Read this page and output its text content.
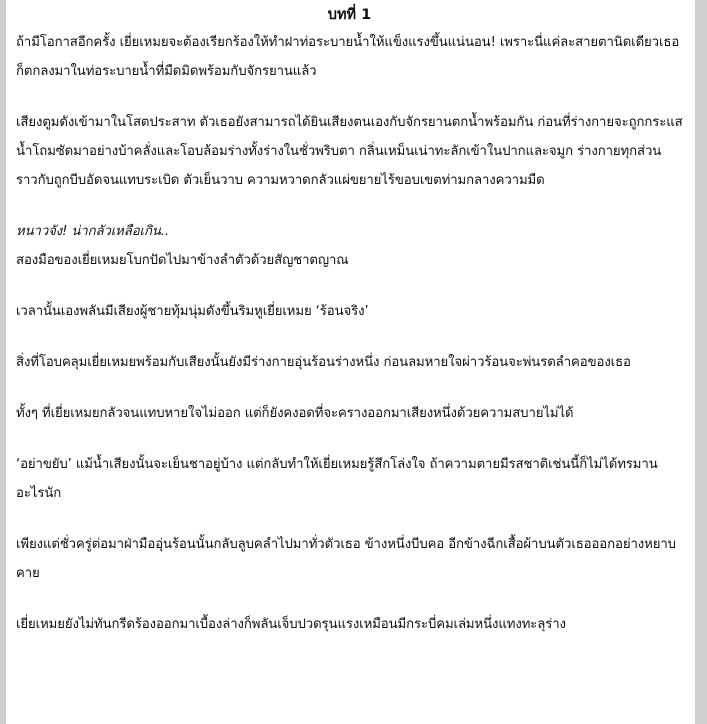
บทที่ 1

ถ้ามีโอกาสอีกครั้ง เยี่ยเหมยจะต้องเรียกร้องให้ทำฝาท่อระบายน้ำให้แข็งแรงขึ้นแน่นอน! เพราะนี่แค่ละสายตานิดเดียวเธอก็ตกลงมาในท่อระบายน้ำที่มืดมิดพร้อมกับจักรยานแล้ว

เสียงตูมดังเข้ามาในโสตประสาท ตัวเธอยังสามารถได้ยินเสียงตนเองกับจักรยานตกน้ำพร้อมกัน ก่อนที่ร่างกายจะถูกกระแสน้ำโถมซัดมาอย่างบ้าคลั่งและโอบล้อมร่างทั้งร่างในชั่วพริบตา กลิ่นเหม็นเน่าทะลักเข้าในปากและจมูก ร่างกายทุกส่วนราวกับถูกบีบอัดจนแทบระเบิด ตัวเย็นวาบ ความหวาดกลัวแผ่ขยายไร้ขอบเขตท่ามกลางความมืด

หนาวจัง! น่ากลัวเหลือเกิน..

สองมือของเยี่ยเหมยโบกปัดไปมาข้างลำตัวด้วยสัญชาตญาณ

เวลานั้นเองพลันมีเสียงผู้ชายทุ้มนุ่มดังขึ้นริมหูเยี่ยเหมย ‘ร้อนจริง’

สิ่งที่โอบคลุมเยี่ยเหมยพร้อมกับเสียงนั้นยังมีร่างกายอุ่นร้อนร่างหนึ่ง ก่อนลมหายใจผ่าวร้อนจะพ่นรดลำคอของเธอ

ทั้งๆ ที่เยี่ยเหมยกลัวจนแทบหายใจไม่ออก แต่ก็ยังคงอดที่จะครางออกมาเสียงหนึ่งด้วยความสบายไม่ได้

‘อย่าขยับ’ แม้น้ำเสียงนั้นจะเย็นชาอยู่บ้าง แต่กลับทำให้เยี่ยเหมยรู้สึกโล่งใจ ถ้าความตายมีรสชาติเช่นนี้ก็ไม่ได้ทรมานอะไรนัก

เพียงแต่ชั่วครู่ต่อมาฝ่ามืออุ่นร้อนนั้นกลับลูบคลำไปมาทั่วตัวเธอ ข้างหนึ่งบีบคอ อีกข้างฉีกเสื้อผ้าบนตัวเธอออกอย่างหยาบคาย

เยี่ยเหมยยังไม่ทันกรีดร้องออกมาเบื้องล่างก็พลันเจ็บปวดรุนแรงเหมือนมีกระบี่คมเล่มหนึ่งแทงทะลุร่าง
